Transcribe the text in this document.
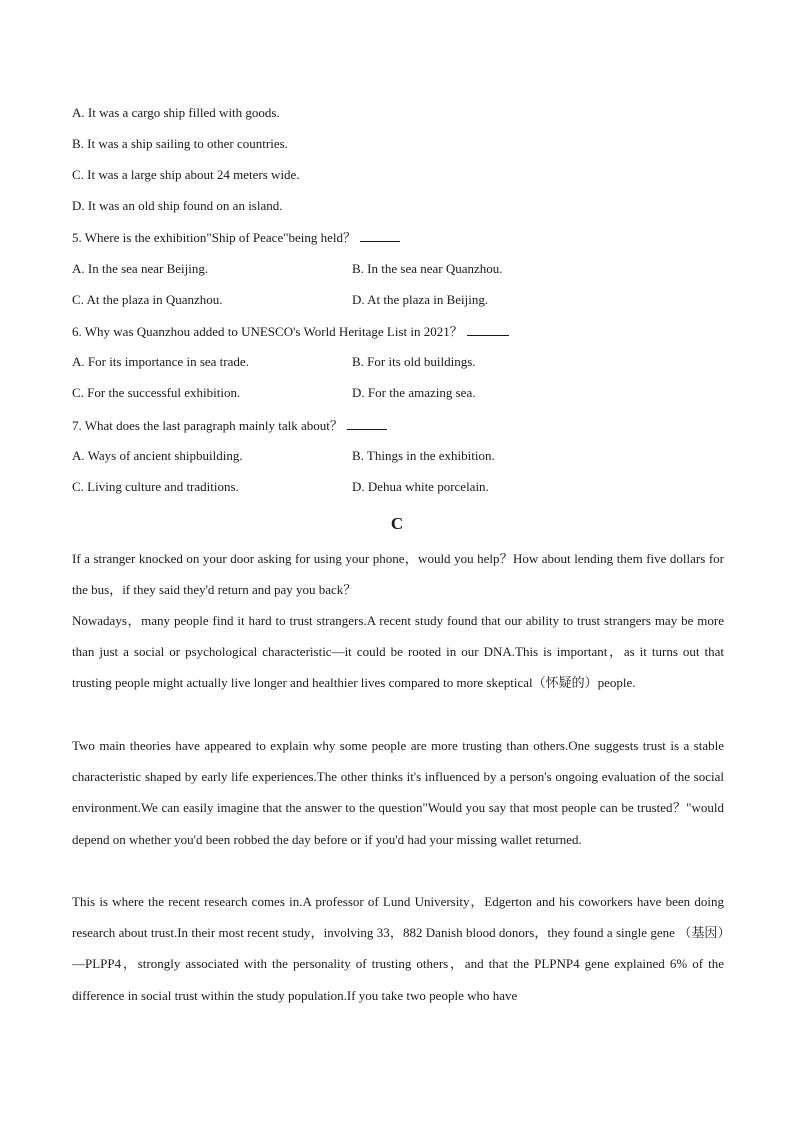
A. It was a cargo ship filled with goods.
B. It was a ship sailing to other countries.
C. It was a large ship about 24 meters wide.
D. It was an old ship found on an island.
5. Where is the exhibition"Ship of Peace"being held？
A. In the sea near Beijing.	B. In the sea near Quanzhou.
C. At the plaza in Quanzhou.	D. At the plaza in Beijing.
6. Why was Quanzhou added to UNESCO's World Heritage List in 2021？
A. For its importance in sea trade.	B. For its old buildings.
C. For the successful exhibition.	D. For the amazing sea.
7. What does the last paragraph mainly talk about？
A. Ways of ancient shipbuilding.	B. Things in the exhibition.
C. Living culture and traditions.	D. Dehua white porcelain.
C
If a stranger knocked on your door asking for using your phone，would you help？How about lending them five dollars for the bus，if they said they'd return and pay you back？
Nowadays，many people find it hard to trust strangers.A recent study found that our ability to trust strangers may be more than just a social or psychological characteristic—it could be rooted in our DNA.This is important，as it turns out that trusting people might actually live longer and healthier lives compared to more skeptical（怀疑的）people.
Two main theories have appeared to explain why some people are more trusting than others.One suggests trust is a stable characteristic shaped by early life experiences.The other thinks it's influenced by a person's ongoing evaluation of the social environment.We can easily imagine that the answer to the question"Would you say that most people can be trusted？"would depend on whether you'd been robbed the day before or if you'd had your missing wallet returned.
This is where the recent research comes in.A professor of Lund University，Edgerton and his coworkers have been doing research about trust.In their most recent study，involving 33，882 Danish blood donors，they found a single gene （基因）—PLPP4，strongly associated with the personality of trusting others，and that the PLPNP4 gene explained 6% of the difference in social trust within the study population.If you take two people who have
